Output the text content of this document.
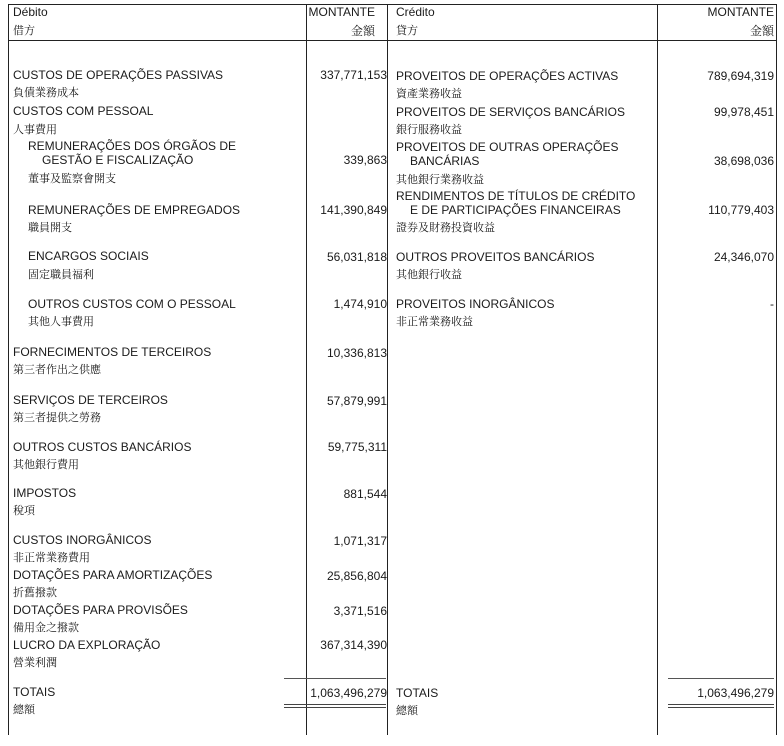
Débito
借方
MONTANTE
金額
Crédito
貸方
MONTANTE
金額
CUSTOS DE OPERAÇÕES PASSIVAS
負債業務成本
337,771,153
CUSTOS COM PESSOAL
人事費用
REMUNERAÇÕES DOS ÓRGÃOS DE
GESTÃO E FISCALIZAÇÃO
董事及監察會開支
339,863
REMUNERAÇÕES DE EMPREGADOS
職員開支
141,390,849
ENCARGOS SOCIAIS
固定職員福利
56,031,818
OUTROS CUSTOS COM O PESSOAL
其他人事費用
1,474,910
FORNECIMENTOS DE TERCEIROS
第三者作出之供應
10,336,813
SERVIÇOS DE TERCEIROS
第三者提供之勞務
57,879,991
OUTROS CUSTOS BANCÁRIOS
其他銀行費用
59,775,311
IMPOSTOS
稅項
881,544
CUSTOS INORGÂNICOS
非正常業務費用
1,071,317
DOTAÇÕES PARA AMORTIZAÇÕES
折舊撥款
25,856,804
DOTAÇÕES PARA PROVISÕES
備用金之撥款
3,371,516
LUCRO DA EXPLORAÇÃO
營業利潤
367,314,390
TOTAIS
總額
1,063,496,279
PROVEITOS DE OPERAÇÕES ACTIVAS
資產業務收益
789,694,319
PROVEITOS DE SERVIÇOS BANCÁRIOS
銀行服務收益
99,978,451
PROVEITOS DE OUTRAS OPERAÇÕES
BANCÁRIAS
其他銀行業務收益
38,698,036
RENDIMENTOS DE TÍTULOS DE CRÉDITO
E DE PARTICIPAÇÕES FINANCEIRAS
證券及財務投資收益
110,779,403
OUTROS PROVEITOS BANCÁRIOS
其他銀行收益
24,346,070
PROVEITOS INORGÂNICOS
非正常業務收益
-
TOTAIS
總額
1,063,496,279
